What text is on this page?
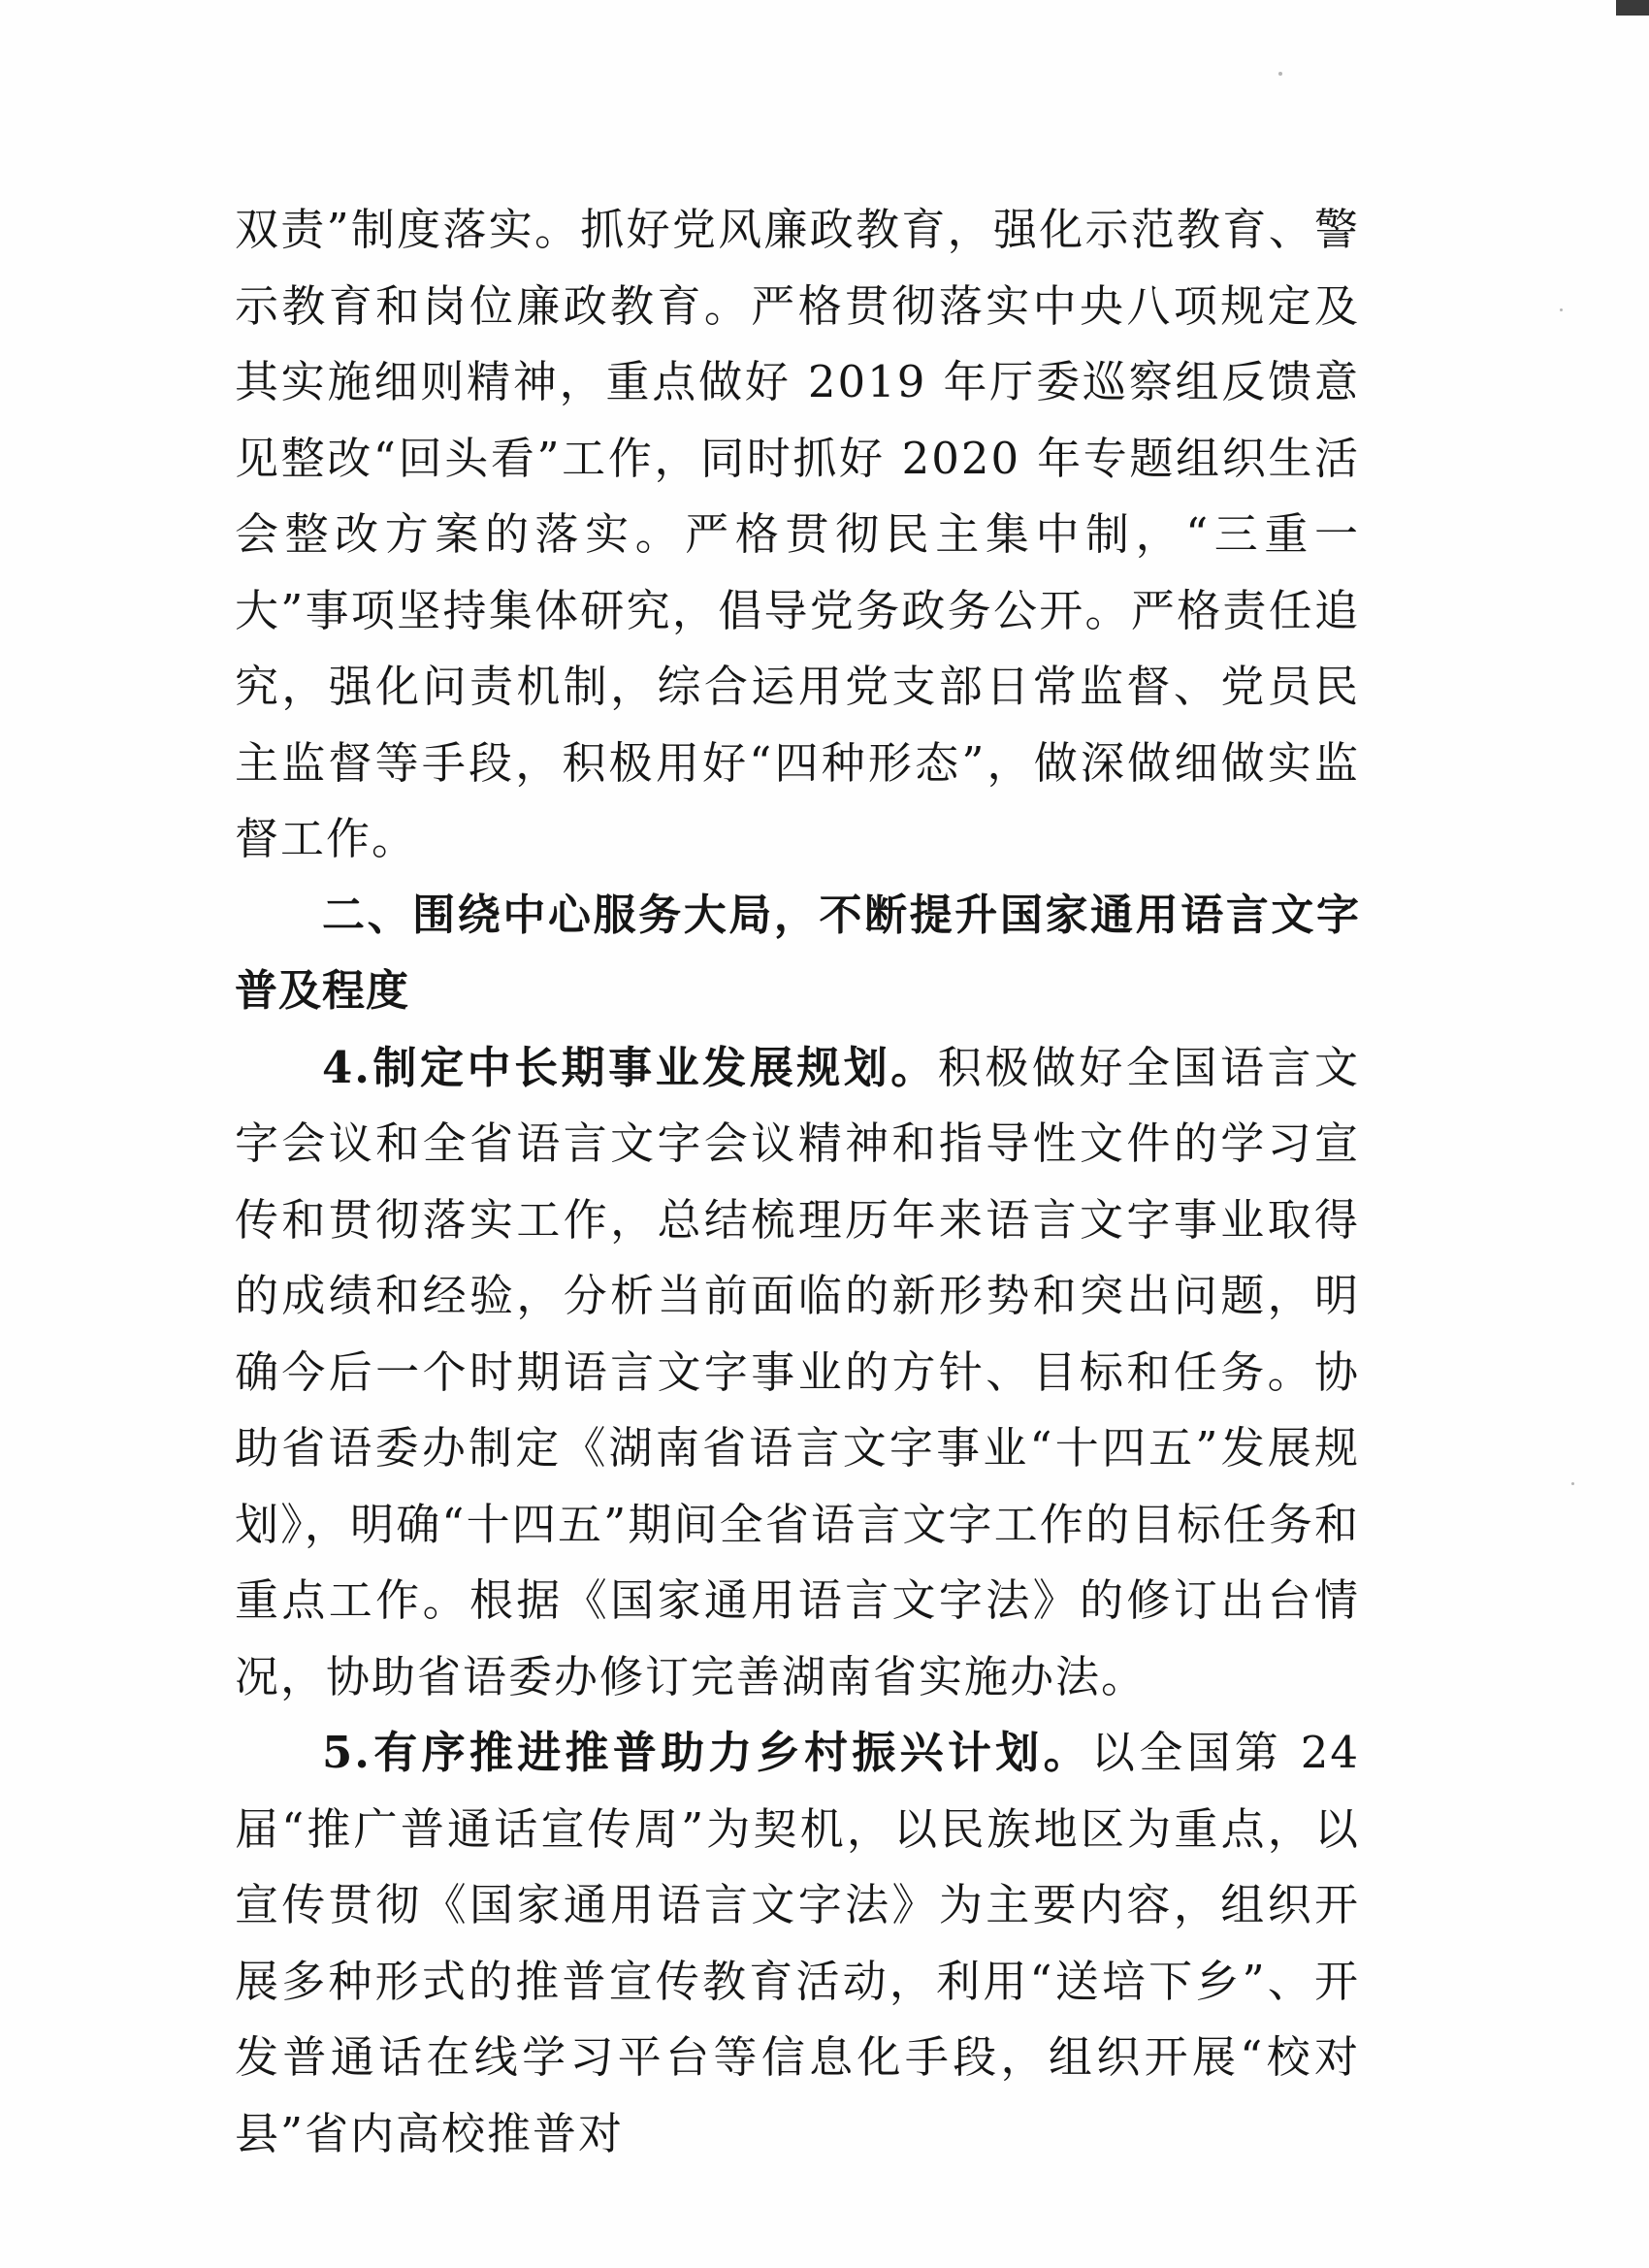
双责”制度落实。抓好党风廉政教育，强化示范教育、警示教育和岗位廉政教育。严格贯彻落实中央八项规定及其实施细则精神，重点做好 2019 年厅委巡察组反馈意见整改“回头看”工作，同时抓好 2020 年专题组织生活会整改方案的落实。严格贯彻民主集中制，“三重一大”事项坚持集体研究，倡导党务政务公开。严格责任追究，强化问责机制，综合运用党支部日常监督、党员民主监督等手段，积极用好“四种形态”，做深做细做实监督工作。

二、围绕中心服务大局，不断提升国家通用语言文字普及程度

4.制定中长期事业发展规划。积极做好全国语言文字会议和全省语言文字会议精神和指导性文件的学习宣传和贯彻落实工作，总结梳理历年来语言文字事业取得的成绩和经验，分析当前面临的新形势和突出问题，明确今后一个时期语言文字事业的方针、目标和任务。协助省语委办制定《湖南省语言文字事业“十四五”发展规划》，明确“十四五”期间全省语言文字工作的目标任务和重点工作。根据《国家通用语言文字法》的修订出台情况，协助省语委办修订完善湖南省实施办法。

5.有序推进推普助力乡村振兴计划。以全国第 24 届“推广普通话宣传周”为契机，以民族地区为重点，以宣传贯彻《国家通用语言文字法》为主要内容，组织开展多种形式的推普宣传教育活动，利用“送培下乡”、开发普通话在线学习平台等信息化手段，组织开展“校对县”省内高校推普对
